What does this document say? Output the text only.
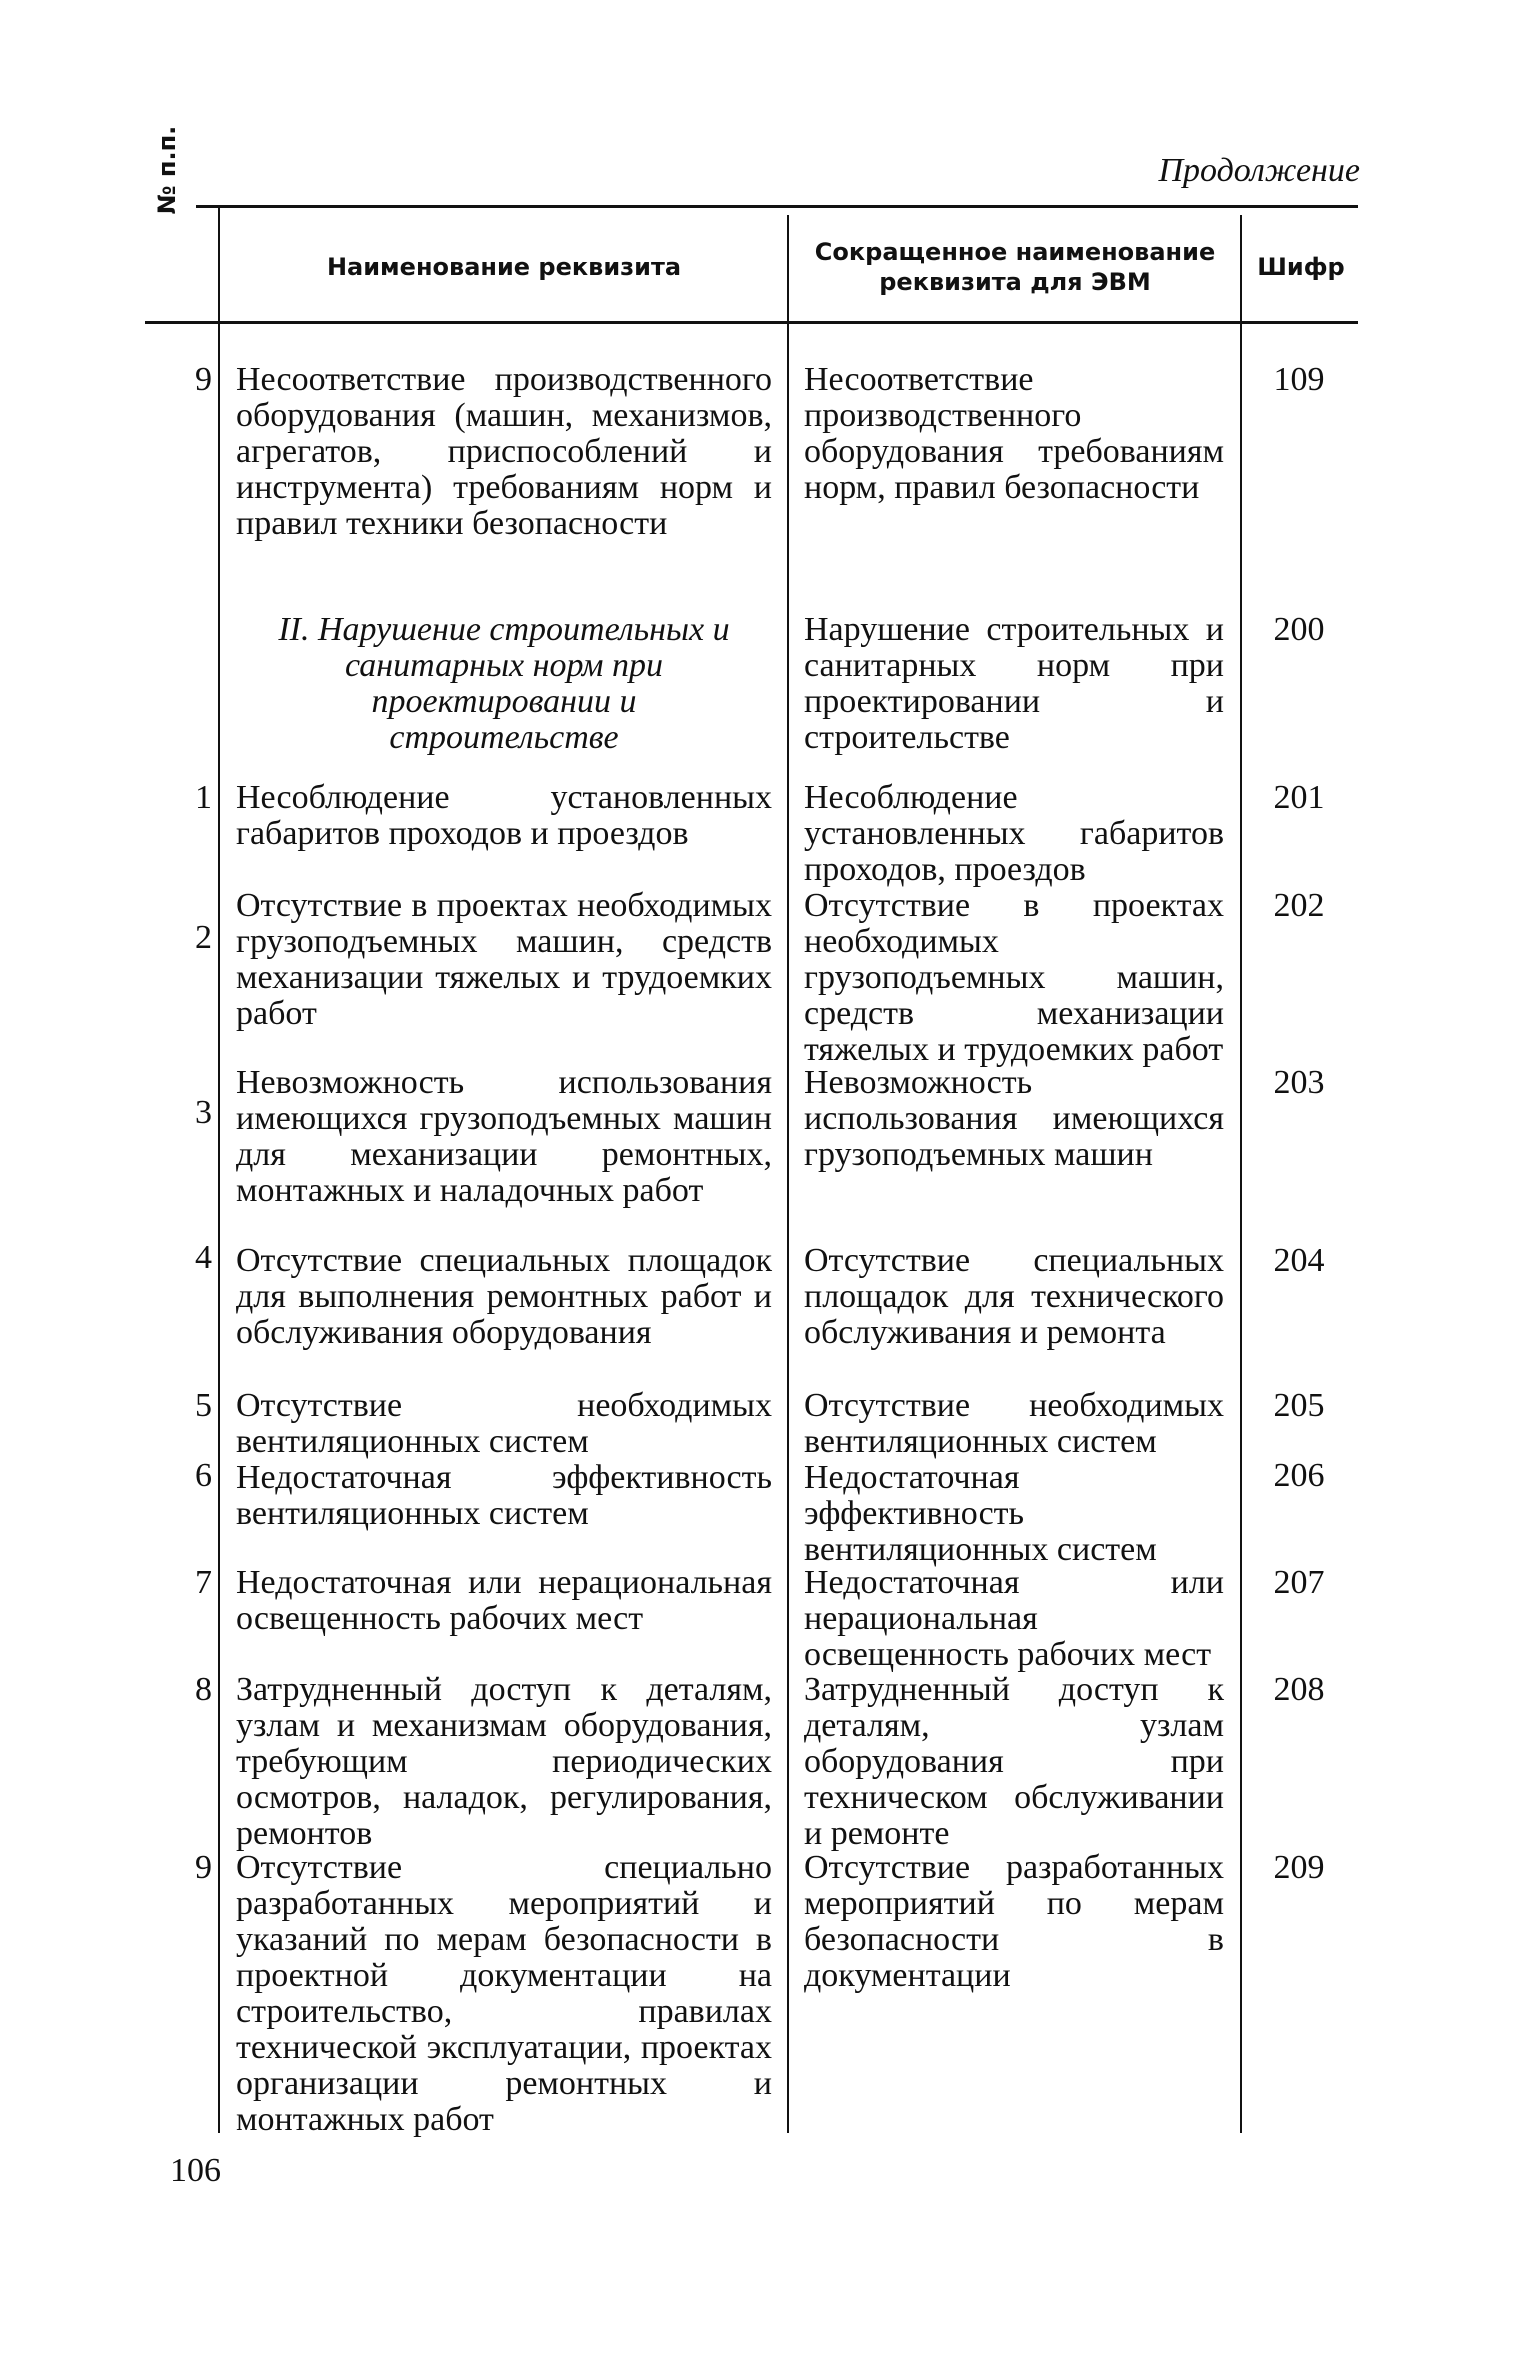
Продолжение
№ п.п.
Наименование реквизита
Сокращенное наименование реквизита для ЭВМ
Шифр
9 Несоответствие производственного оборудования (машин, механизмов, агрегатов, приспособлений и инструмента) требованиям норм и правил техники безопасности
Несоответствие производственного оборудования требованиям норм, правил безопасности
109
II. Нарушение строительных и санитарных норм при проектировании и строительстве
Нарушение строительных и санитарных норм при проектировании и строительстве
200
1 Несоблюдение установленных габаритов проходов и проездов
Несоблюдение установленных габаритов проходов, проездов
201
2
Отсутствие в проектах необходимых грузоподъемных машин, средств механизации тяжелых и трудоемких работ
Отсутствие в проектах необходимых грузоподъемных машин, средств механизации тяжелых и трудоемких работ
202
3
Невозможность использования имеющихся грузоподъемных машин для механизации ремонтных, монтажных и наладочных работ
Невозможность использования имеющихся грузоподъемных машин
203
4 Отсутствие специальных площадок для выполнения ремонтных работ и обслуживания оборудования
Отсутствие специальных площадок для технического обслуживания и ремонта
204
5 Отсутствие необходимых вентиляционных систем
Отсутствие необходимых вентиляционных систем
205
6 Недостаточная эффективность вентиляционных систем
Недостаточная эффективность вентиляционных систем
206
7 Недостаточная или нерациональная освещенность рабочих мест
Недостаточная или нерациональная освещенность рабочих мест
207
8 Затрудненный доступ к деталям, узлам и механизмам оборудования, требующим периодических осмотров, наладок, регулирования, ремонтов
Затрудненный доступ к деталям, узлам оборудования при техническом обслуживании и ремонте
208
9 Отсутствие специально разработанных мероприятий и указаний по мерам безопасности в проектной документации на строительство, правилах технической эксплуатации, проектах организации ремонтных и монтажных работ
Отсутствие разработанных мероприятий по мерам безопасности в документации
209
106
